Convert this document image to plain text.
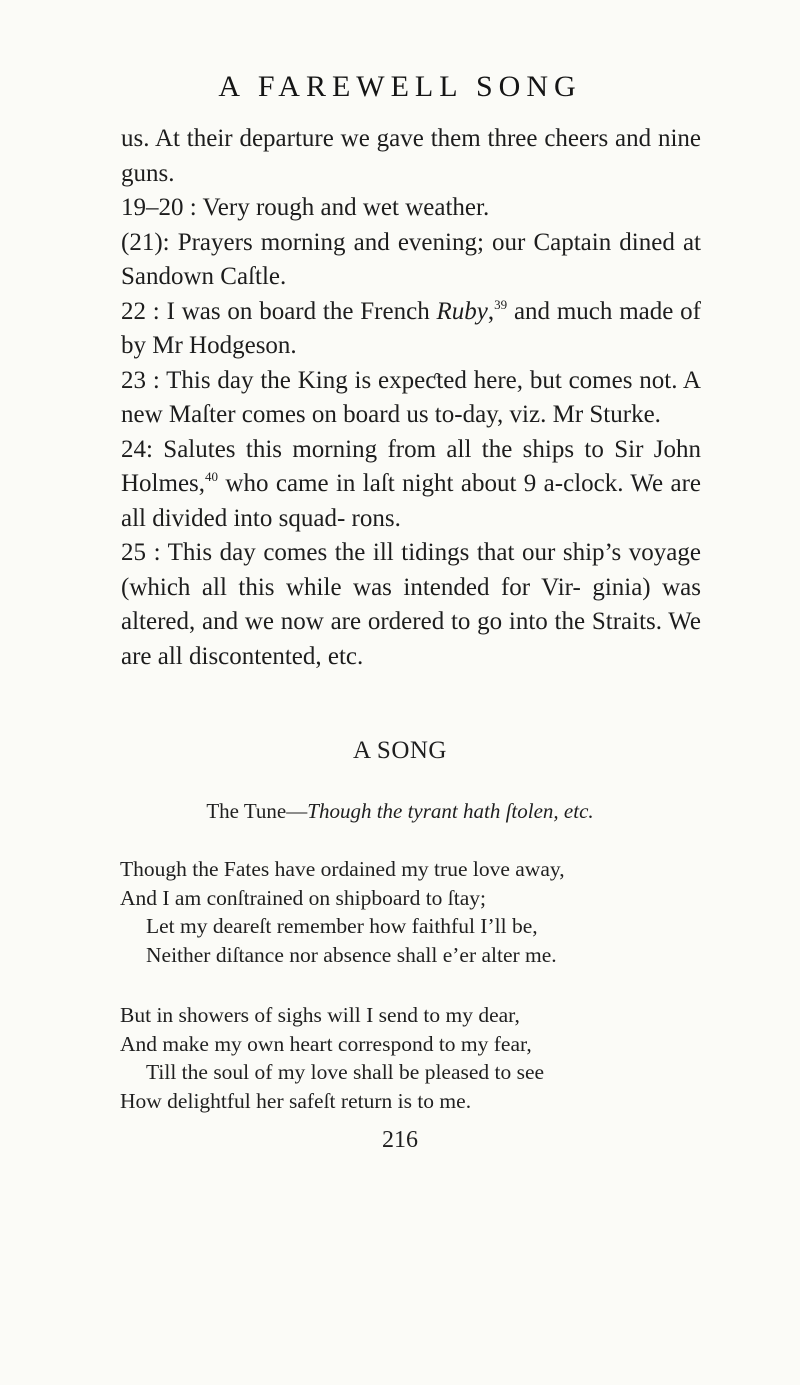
A FAREWELL SONG

us. At their departure we gave them three cheers and nine guns.

19–20 : Very rough and wet weather.

(21): Prayers morning and evening; our Captain dined at Sandown Caſtle.

22 : I was on board the French Ruby,$^{39}$ and much made of by Mr Hodgeson.

23 : This day the King is expeƈted here, but comes not. A new Maſter comes on board us to-day, viz. Mr Sturke.

24: Salutes this morning from all the ships to Sir John Holmes,$^{40}$ who came in laſt night about 9 a-clock. We are all divided into squad- rons.

25 : This day comes the ill tidings that our ship’s voyage (which all this while was intended for Vir- ginia) was altered, and we now are ordered to go into the Straits. We are all discontented, etc.

A SONG
The Tune—Though the tyrant hath ſtolen, etc.
Though the Fates have ordained my true love away,
And I am conſtrained on shipboard to ſtay;
Let my deareſt remember how faithful I’ll be,
Neither diſtance nor absence shall e’er alter me.
But in showers of sighs will I send to my dear,
And make my own heart correspond to my fear,
Till the soul of my love shall be pleased to see
How delightful her safeſt return is to me.
216
